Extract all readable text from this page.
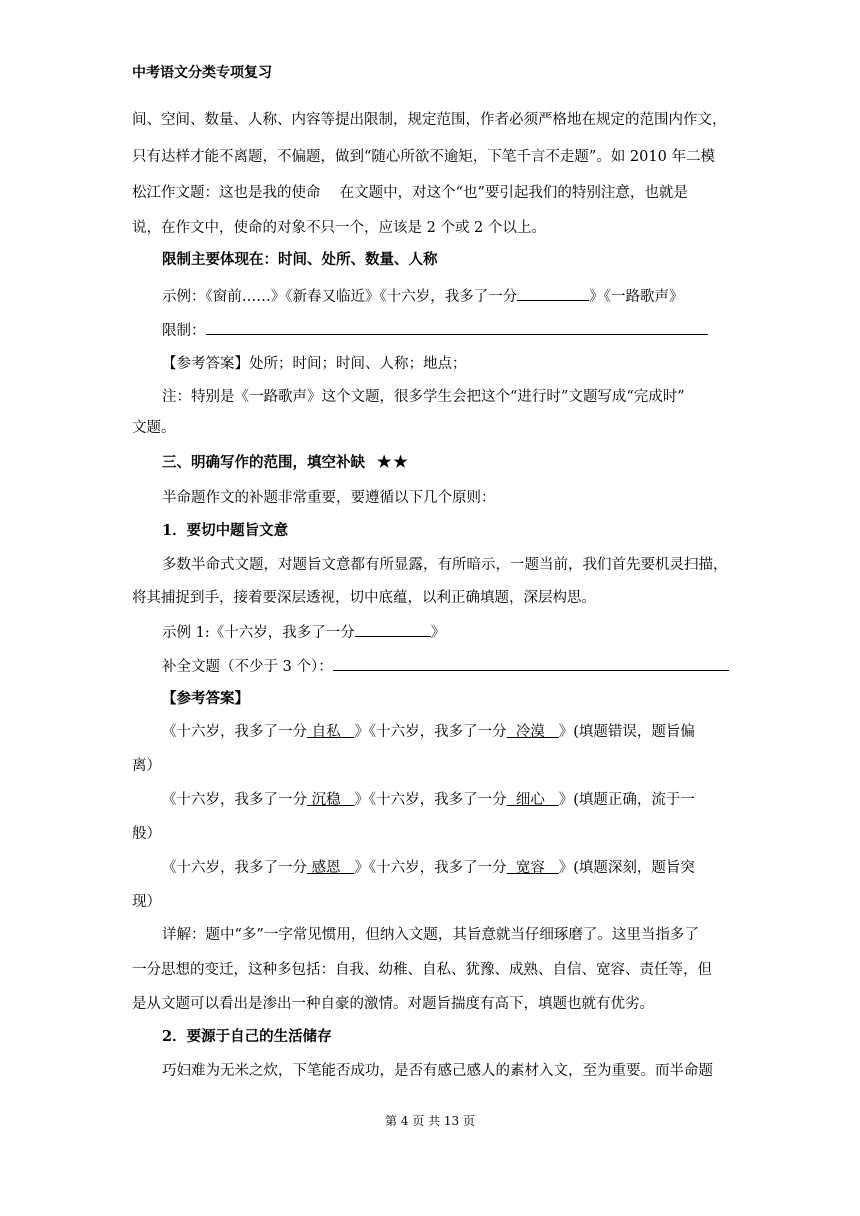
中考语文分类专项复习
间、空间、数量、人称、内容等提出限制，规定范围，作者必须严格地在规定的范围内作文，
只有达样才能不离题，不偏题，做到“随心所欲不逾矩，下笔千言不走题”。如 2010 年二模
松江作文题：这也是我的使命　 在文题中，对这个“也”要引起我们的特别注意，也就是
说，在作文中，使命的对象不只一个，应该是 2 个或 2 个以上。
限制主要体现在：时间、处所、数量、人称
示例：《窗前……》《新春又临近》《十六岁，我多了一分	》《一路歌声》
限制：
【参考答案】处所；时间；时间、人称；地点；
注：特别是《一路歌声》这个文题，很多学生会把这个“进行时”文题写成“完成时”
文题。
三、明确写作的范围，填空补缺 ★★
半命题作文的补题非常重要，要遵循以下几个原则：
1．要切中题旨文意
多数半命式文题，对题旨文意都有所显露，有所暗示，一题当前，我们首先要机灵扫描，
将其捕捉到手，接着要深层透视，切中底蕴，以利正确填题，深层构思。
示例 1:《十六岁，我多了一分	》
补全文题（不少于 3 个）：
【参考答案】
《十六岁，我多了一分 自私 》《十六岁，我多了一分 冷漠 》(填题错误，题旨偏
离）
《十六岁，我多了一分 沉稳 》《十六岁，我多了一分 细心 》(填题正确，流于一
般）
《十六岁，我多了一分 感恩 》《十六岁，我多了一分 宽容 》(填题深刻，题旨突
现）
详解：题中“多”一字常见惯用，但纳入文题，其旨意就当仔细琢磨了。这里当指多了
一分思想的变迁，这种多包括：自我、幼稚、自私、犹豫、成熟、自信、宽容、责任等，但
是从文题可以看出是渗出一种自豪的激情。对题旨揣度有高下，填题也就有优劣。
2．要源于自己的生活储存
巧妇难为无米之炊，下笔能否成功，是否有感己感人的素材入文，至为重要。而半命题
第 4 页 共 13 页
